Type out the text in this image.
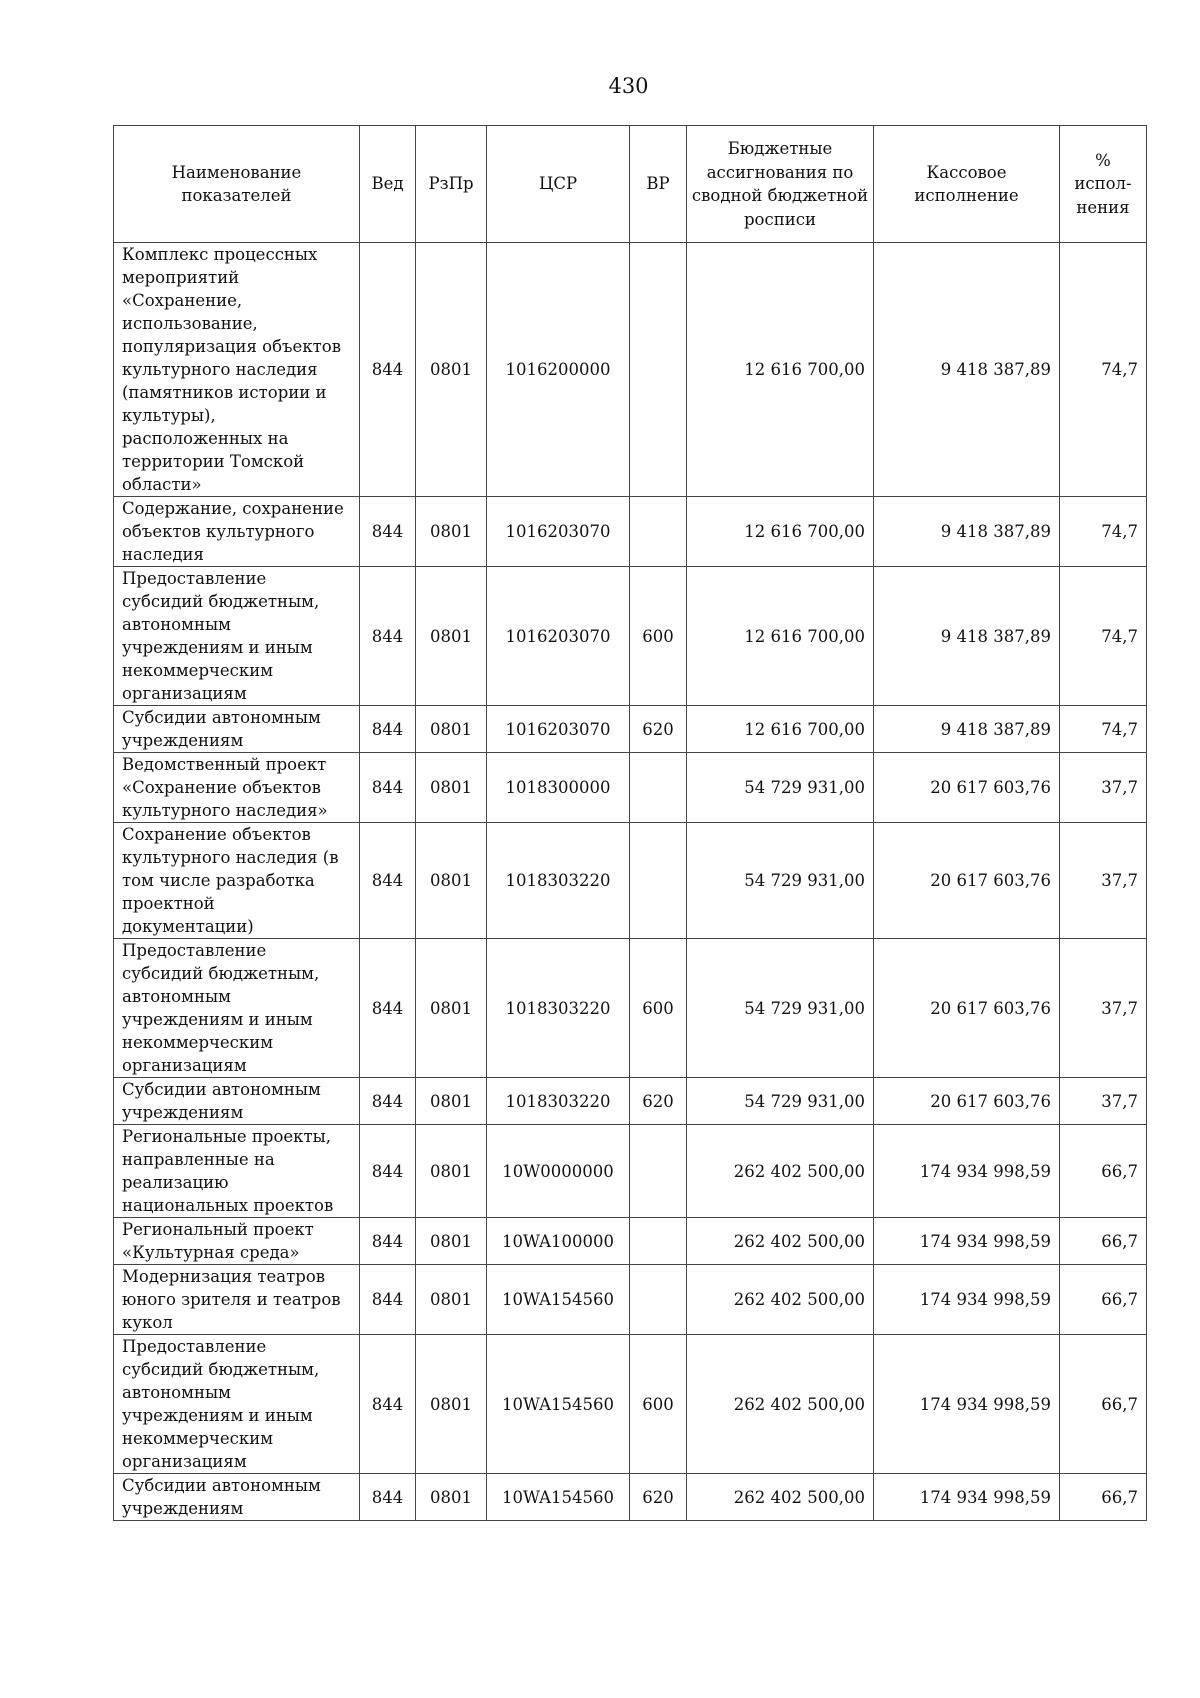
430
Наименование показателей	Вед	РзПр	ЦСР	ВР	Бюджетные ассигнования по сводной бюджетной росписи	Кассовое исполнение	% испол-нения
Комплекс процессных мероприятий «Сохранение, использование, популяризация объектов культурного наследия (памятников истории и культуры), расположенных на территории Томской области»	844	0801	1016200000		12 616 700,00	9 418 387,89	74,7
Содержание, сохранение объектов культурного наследия	844	0801	1016203070		12 616 700,00	9 418 387,89	74,7
Предоставление субсидий бюджетным, автономным учреждениям и иным некоммерческим организациям	844	0801	1016203070	600	12 616 700,00	9 418 387,89	74,7
Субсидии автономным учреждениям	844	0801	1016203070	620	12 616 700,00	9 418 387,89	74,7
Ведомственный проект «Сохранение объектов культурного наследия»	844	0801	1018300000		54 729 931,00	20 617 603,76	37,7
Сохранение объектов культурного наследия (в том числе разработка проектной документации)	844	0801	1018303220		54 729 931,00	20 617 603,76	37,7
Предоставление субсидий бюджетным, автономным учреждениям и иным некоммерческим организациям	844	0801	1018303220	600	54 729 931,00	20 617 603,76	37,7
Субсидии автономным учреждениям	844	0801	1018303220	620	54 729 931,00	20 617 603,76	37,7
Региональные проекты, направленные на реализацию национальных проектов	844	0801	10W0000000		262 402 500,00	174 934 998,59	66,7
Региональный проект «Культурная среда»	844	0801	10WA100000		262 402 500,00	174 934 998,59	66,7
Модернизация театров юного зрителя и театров кукол	844	0801	10WA154560		262 402 500,00	174 934 998,59	66,7
Предоставление субсидий бюджетным, автономным учреждениям и иным некоммерческим организациям	844	0801	10WA154560	600	262 402 500,00	174 934 998,59	66,7
Субсидии автономным учреждениям	844	0801	10WA154560	620	262 402 500,00	174 934 998,59	66,7
